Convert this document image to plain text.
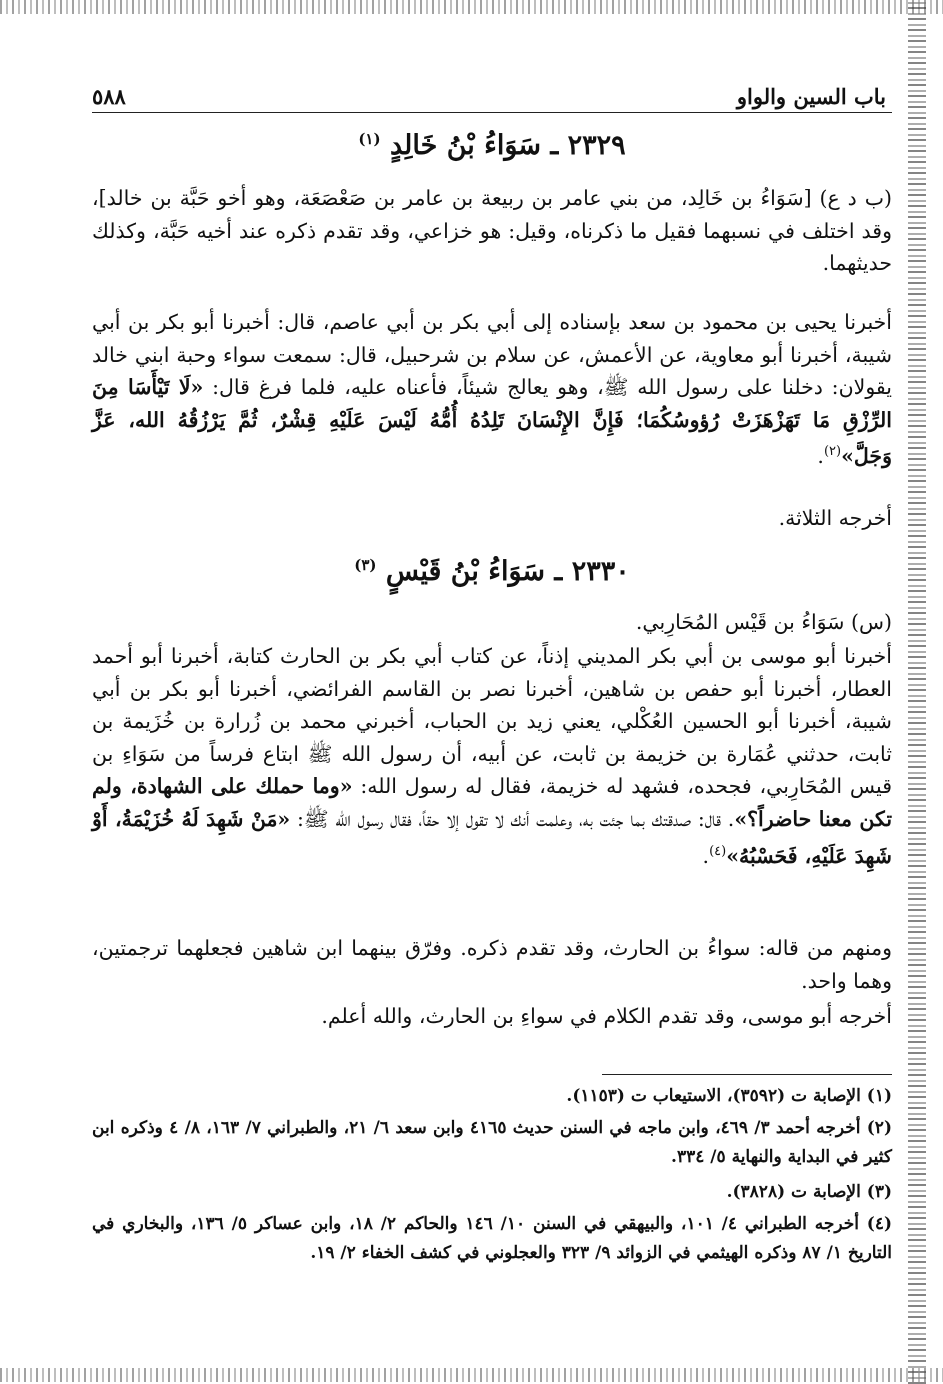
باب السين والواو
٥٨٨
٢٣٢٩ ـ سَوَاءُ بْنُ خَالِدٍ $^{(١)}$

(ب د ع) [سَوَاءُ بن خَالِد، من بني عامر بن ربيعة بن عامر بن صَعْصَعَة، وهو أخو حَبَّة بن خالد]، وقد اختلف في نسبهما فقيل ما ذكرناه، وقيل: هو خزاعي، وقد تقدم ذكره عند أخيه حَبَّة، وكذلك حديثهما.

أخبرنا يحيى بن محمود بن سعد بإسناده إلى أبي بكر بن أبي عاصم، قال: أخبرنا أبو بكر بن أبي شيبة، أخبرنا أبو معاوية، عن الأعمش، عن سلام بن شرحبيل، قال: سمعت سواء وحبة ابني خالد يقولان: دخلنا على رسول الله ﷺ، وهو يعالج شيئاً، فأعناه عليه، فلما فرغ قال: «لَا تَيْأَسَا مِنَ الرِّزْقِ مَا تَهَزْهَزَتْ رُؤوسُكُمَا؛ فَإِنَّ الإِنْسَانَ تَلِدُهُ أُمُّهُ لَيْسَ عَلَيْهِ قِشْرٌ، ثُمَّ يَرْزُقُهُ الله، عَزَّ وَجَلَّ»$^{(٢)}$.

أخرجه الثلاثة.

٢٣٣٠ ـ سَوَاءُ بْنُ قَيْسٍ $^{(٣)}$

(س) سَوَاءُ بن قَيْس المُحَارِبي.

أخبرنا أبو موسى بن أبي بكر المديني إذناً، عن كتاب أبي بكر بن الحارث كتابة، أخبرنا أبو أحمد العطار، أخبرنا أبو حفص بن شاهين، أخبرنا نصر بن القاسم الفرائضي، أخبرنا أبو بكر بن أبي شيبة، أخبرنا أبو الحسين العُكْلي، يعني زيد بن الحباب، أخبرني محمد بن زُرارة بن خُزَيمة بن ثابت، حدثني عُمَارة بن خزيمة بن ثابت، عن أبيه، أن رسول الله ﷺ ابتاع فرساً من سَوَاءِ بن قيس المُحَارِبي، فجحده، فشهد له خزيمة، فقال له رسول الله: «وما حملك على الشهادة، ولم تكن معنا حاضراً؟». قال: صدقتك بما جئت به، وعلمت أنك لا تقول إلا حقاً، فقال رسول الله ﷺ: «مَنْ شَهِدَ لَهُ خُزَيْمَةُ، أَوْ شَهِدَ عَلَيْهِ، فَحَسْبُهُ»$^{(٤)}$.

ومنهم من قاله: سواءُ بن الحارث، وقد تقدم ذكره. وفرّق بينهما ابن شاهين فجعلهما ترجمتين، وهما واحد.

أخرجه أبو موسى، وقد تقدم الكلام في سواءِ بن الحارث، والله أعلم.

(١) الإصابة ت (٣٥٩٢)، الاستيعاب ت (١١٥٣).

(٢) أخرجه أحمد ٣/ ٤٦٩، وابن ماجه في السنن حديث ٤١٦٥ وابن سعد ٦/ ٢١، والطبراني ٧/ ١٦٣، ٨/ ٤ وذكره ابن كثير في البداية والنهاية ٥/ ٣٣٤.

(٣) الإصابة ت (٣٨٢٨).

(٤) أخرجه الطبراني ٤/ ١٠١، والبيهقي في السنن ١٠/ ١٤٦ والحاكم ٢/ ١٨، وابن عساكر ٥/ ١٣٦، والبخاري في التاريخ ١/ ٨٧ وذكره الهيثمي في الزوائد ٩/ ٣٢٣ والعجلوني في كشف الخفاء ٢/ ١٩.
